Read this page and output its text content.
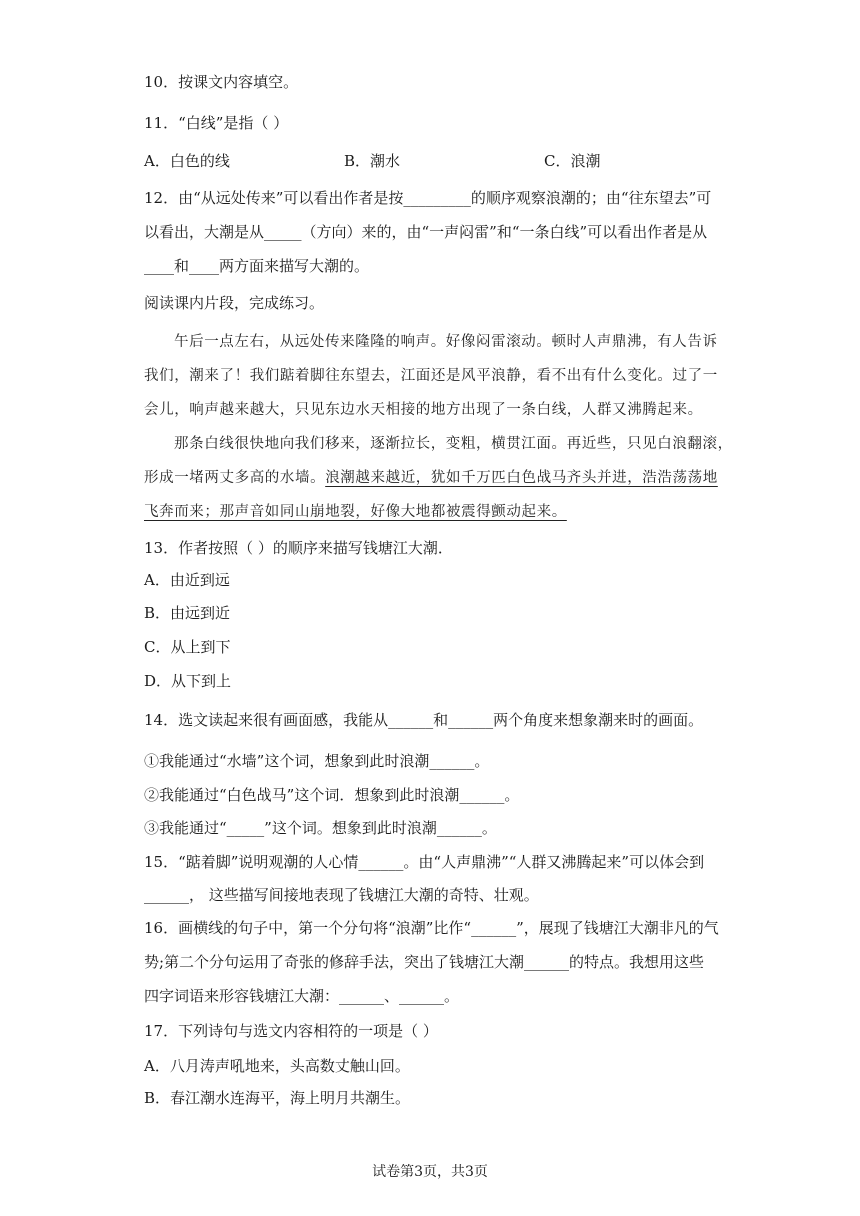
10．按课文内容填空。
11．“白线”是指（ ）
A．白色的线	B．潮水	C．浪潮
12．由“从远处传来”可以看出作者是按_________的顺序观察浪潮的；由“往东望去”可
以看出，大潮是从_____（方向）来的，由“一声闷雷”和“一条白线”可以看出作者是从
____和____两方面来描写大潮的。
阅读课内片段，完成练习。
午后一点左右，从远处传来隆隆的响声。好像闷雷滚动。顿时人声鼎沸，有人告诉
我们，潮来了！我们踮着脚往东望去，江面还是风平浪静，看不出有什么变化。过了一
会儿，响声越来越大，只见东边水天相接的地方出现了一条白线，人群又沸腾起来。
那条白线很快地向我们移来，逐渐拉长，变粗，横贯江面。再近些，只见白浪翻滚，
形成一堵两丈多高的水墙。浪潮越来越近，犹如千万匹白色战马齐头并进，浩浩荡荡地
飞奔而来；那声音如同山崩地裂，好像大地都被震得颤动起来。
13．作者按照（ ）的顺序来描写钱塘江大潮．
A．由近到远
B．由远到近
C．从上到下
D．从下到上
14．选文读起来很有画面感，我能从______和______两个角度来想象潮来时的画面。
①我能通过“水墙”这个词，想象到此时浪潮______。
②我能通过“白色战马”这个词．想象到此时浪潮______。
③我能通过“_____”这个词。想象到此时浪潮______。
15．“踮着脚”说明观潮的人心情______。由“人声鼎沸”“人群又沸腾起来”可以体会到
______， 这些描写间接地表现了钱塘江大潮的奇特、壮观。
16．画横线的句子中，第一个分句将“浪潮”比作“______”，展现了钱塘江大潮非凡的气
势;第二个分句运用了奇张的修辞手法，突出了钱塘江大潮______的特点。我想用这些
四字词语来形容钱塘江大潮：______、______。
17．下列诗句与选文内容相符的一项是（ ）
A．八月涛声吼地来，头高数丈触山回。
B．春江潮水连海平，海上明月共潮生。
试卷第3页，共3页
